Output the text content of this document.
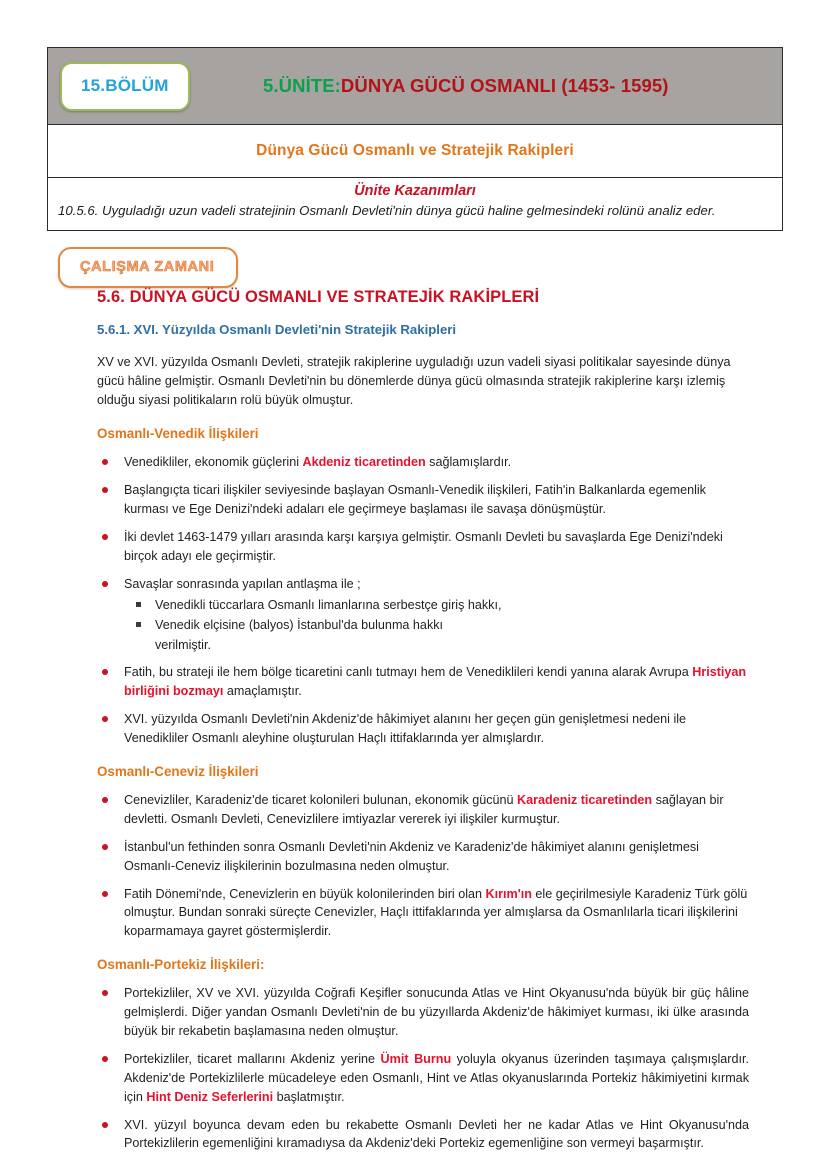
15.BÖLÜM	5.ÜNİTE:DÜNYA GÜCÜ OSMANLI (1453- 1595)
Dünya Gücü Osmanlı ve Stratejik Rakipleri
Ünite Kazanımları
10.5.6. Uyguladığı uzun vadeli stratejinin Osmanlı Devleti'nin dünya gücü haline gelmesindeki rolünü analiz eder.
ÇALIŞMA ZAMANI
5.6. DÜNYA GÜCÜ OSMANLI VE STRATEJİK RAKİPLERİ
5.6.1. XVI. Yüzyılda Osmanlı Devleti'nin Stratejik Rakipleri

XV ve XVI. yüzyılda Osmanlı Devleti, stratejik rakiplerine uyguladığı uzun vadeli siyasi politikalar sayesinde dünya gücü hâline gelmiştir. Osmanlı Devleti'nin bu dönemlerde dünya gücü olmasında stratejik rakiplerine karşı izlemiş olduğu siyasi politikaların rolü büyük olmuştur.

Osmanlı-Venedik İlişkileri
Venedikliler, ekonomik güçlerini Akdeniz ticaretinden sağlamışlardır.
Başlangıçta ticari ilişkiler seviyesinde başlayan Osmanlı-Venedik ilişkileri, Fatih'in Balkanlarda egemenlik kurması ve Ege Denizi'ndeki adaları ele geçirmeye başlaması ile savaşa dönüşmüştür.
İki devlet 1463-1479 yılları arasında karşı karşıya gelmiştir. Osmanlı Devleti bu savaşlarda Ege Denizi'ndeki birçok adayı ele geçirmiştir.
Savaşlar sonrasında yapılan antlaşma ile ;
Venedikli tüccarlara Osmanlı limanlarına serbestçe giriş hakkı,
Venedik elçisine (balyos) İstanbul'da bulunma hakkı
verilmiştir.
Fatih, bu strateji ile hem bölge ticaretini canlı tutmayı hem de Venediklileri kendi yanına alarak Avrupa Hristiyan birliğini bozmayı amaçlamıştır.
XVI. yüzyılda Osmanlı Devleti'nin Akdeniz'de hâkimiyet alanını her geçen gün genişletmesi nedeni ile Venedikliler Osmanlı aleyhine oluşturulan Haçlı ittifaklarında yer almışlardır.
Osmanlı-Ceneviz İlişkileri
Cenevizliler, Karadeniz'de ticaret kolonileri bulunan, ekonomik gücünü Karadeniz ticaretinden sağlayan bir devletti. Osmanlı Devleti, Cenevizlilere imtiyazlar vererek iyi ilişkiler kurmuştur.
İstanbul'un fethinden sonra Osmanlı Devleti'nin Akdeniz ve Karadeniz'de hâkimiyet alanını genişletmesi Osmanlı-Ceneviz ilişkilerinin bozulmasına neden olmuştur.
Fatih Dönemi'nde, Cenevizlerin en büyük kolonilerinden biri olan Kırım'ın ele geçirilmesiyle Karadeniz Türk gölü olmuştur. Bundan sonraki süreçte Cenevizler, Haçlı ittifaklarında yer almışlarsa da Osmanlılarla ticari ilişkilerini koparmamaya gayret göstermişlerdir.
Osmanlı-Portekiz İlişkileri:
Portekizliler, XV ve XVI. yüzyılda Coğrafi Keşifler sonucunda Atlas ve Hint Okyanusu'nda büyük bir güç hâline gelmişlerdi. Diğer yandan Osmanlı Devleti'nin de bu yüzyıllarda Akdeniz'de hâkimiyet kurması, iki ülke arasında büyük bir rekabetin başlamasına neden olmuştur.
Portekizliler, ticaret mallarını Akdeniz yerine Ümit Burnu yoluyla okyanus üzerinden taşımaya çalışmışlardır. Akdeniz'de Portekizlilerle mücadeleye eden Osmanlı, Hint ve Atlas okyanuslarında Portekiz hâkimiyetini kırmak için Hint Deniz Seferlerini başlatmıştır.
XVI. yüzyıl boyunca devam eden bu rekabette Osmanlı Devleti her ne kadar Atlas ve Hint Okyanusu'nda Portekizlilerin egemenliğini kıramadıysa da Akdeniz'deki Portekiz egemenliğine son vermeyi başarmıştır.
